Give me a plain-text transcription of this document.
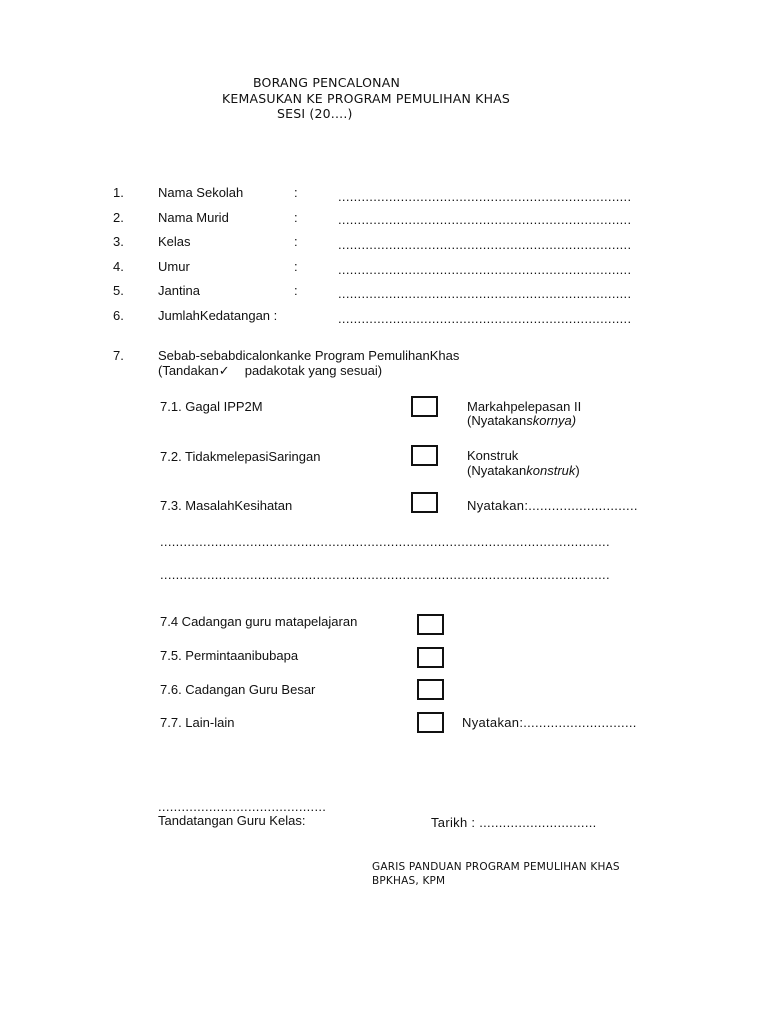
BORANG PENCALONAN
KEMASUKAN KE PROGRAM PEMULIHAN KHAS
SESI (20....)
1.	Nama Sekolah	:	...........................................................................
2.	Nama Murid	:	...........................................................................
3.	Kelas	:	...........................................................................
4.	Umur	:	...........................................................................
5.	Jantina	:	...........................................................................
6.	JumlahKedatangan :	...........................................................................
7.	Sebab-sebabdicalonkanke Program PemulihanKhas
(Tandakan✓ padakotak yang sesuai)
7.1. Gagal IPP2M	Markahpelepasan II
(Nyatakanskornya)
7.2. TidakmelepasiSaringan	Konstruk
(Nyatakankonstruk)
7.3. MasalahKesihatan	Nyatakan:............................
...................................................................................................................
...................................................................................................................
7.4 Cadangan guru matapelajaran
7.5. Permintaanibubapa
7.6. Cadangan Guru Besar
7.7. Lain-lain	Nyatakan:.............................
...........................................
Tandatangan Guru Kelas:	Tarikh : ..............................
GARIS PANDUAN PROGRAM PEMULIHAN KHAS
BPKHAS, KPM
